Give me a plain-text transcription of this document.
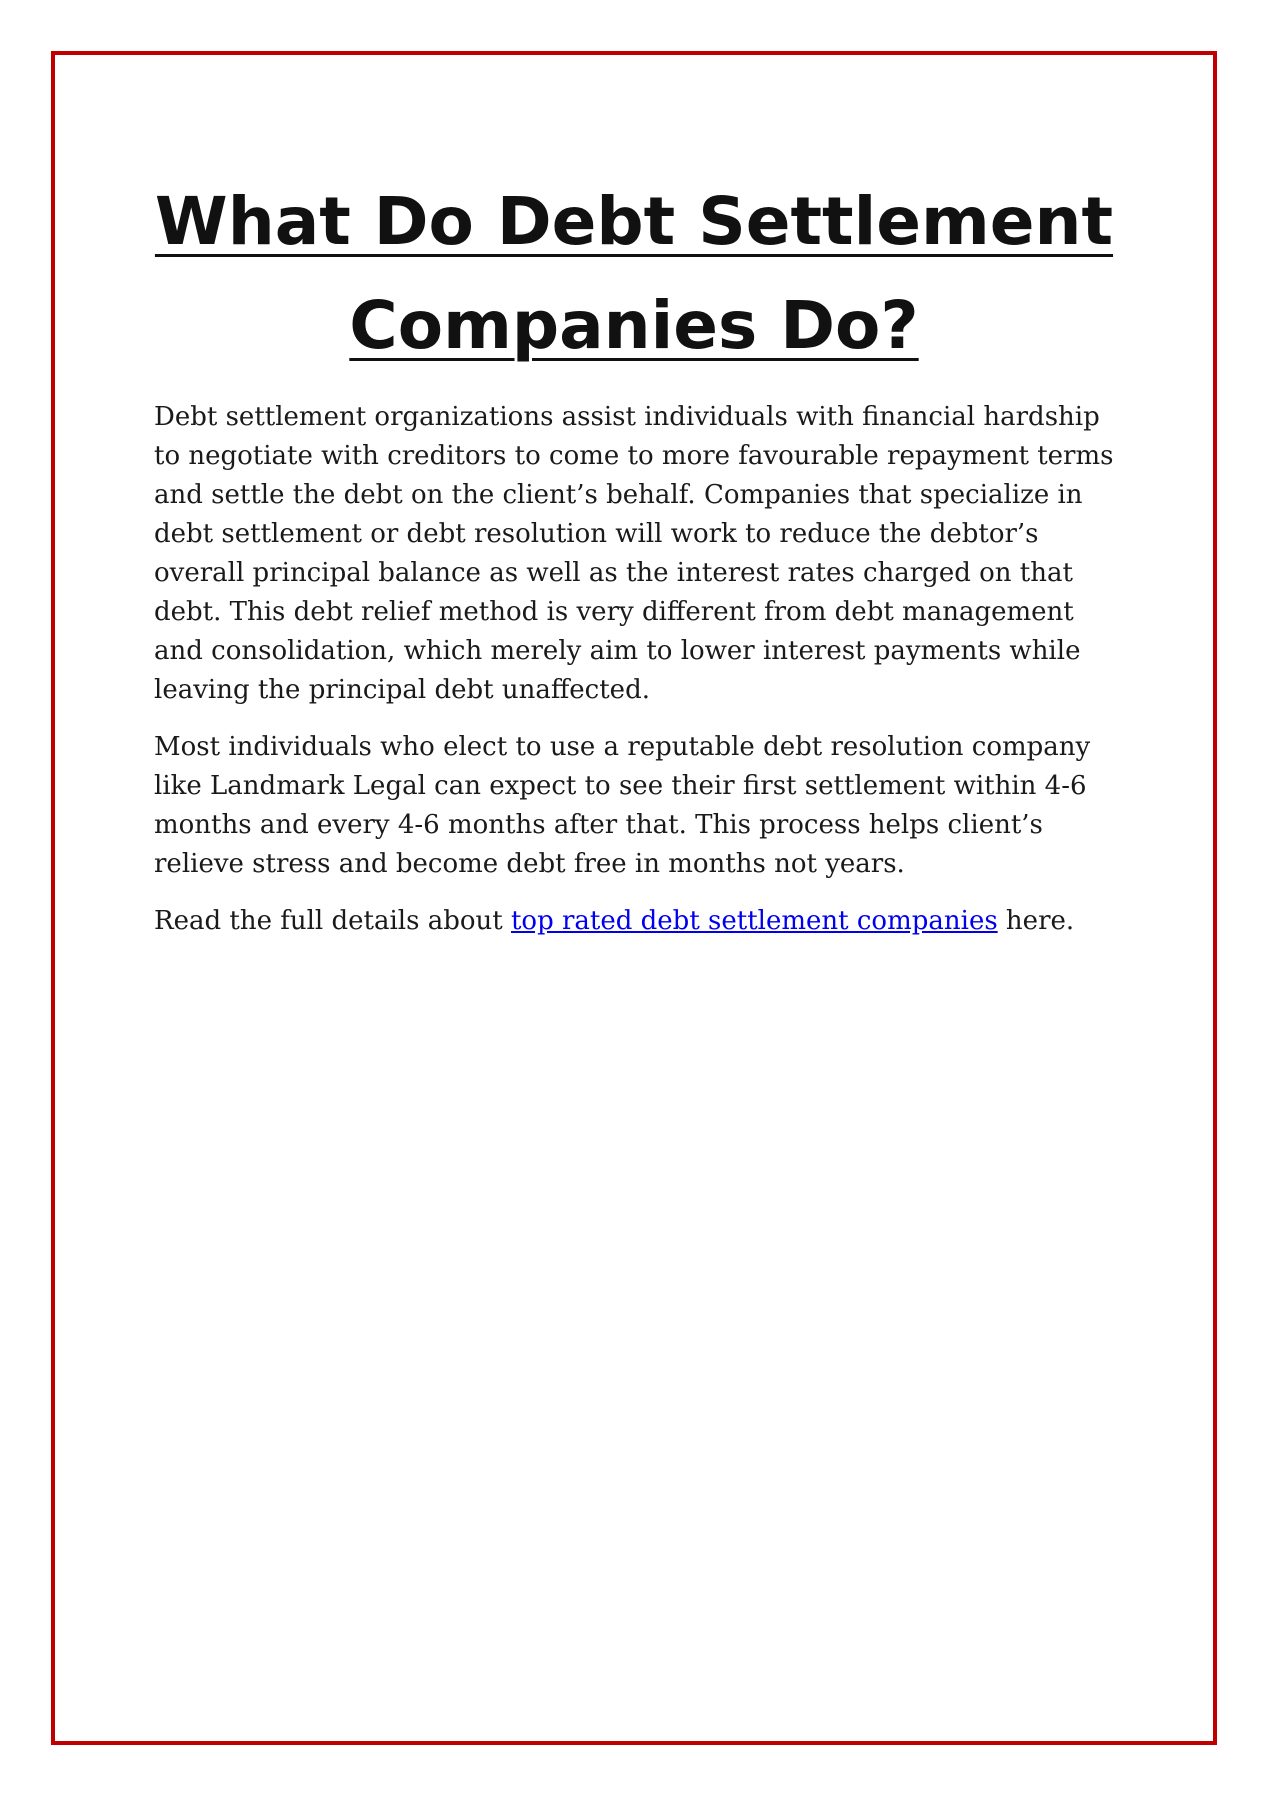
What Do Debt Settlement Companies Do?

Debt settlement organizations assist individuals with financial hardship to negotiate with creditors to come to more favourable repayment terms and settle the debt on the client’s behalf. Companies that specialize in debt settlement or debt resolution will work to reduce the debtor’s overall principal balance as well as the interest rates charged on that debt. This debt relief method is very different from debt management and consolidation, which merely aim to lower interest payments while leaving the principal debt unaffected.

Most individuals who elect to use a reputable debt resolution company like Landmark Legal can expect to see their first settlement within 4-6 months and every 4-6 months after that. This process helps client’s relieve stress and become debt free in months not years.

Read the full details about top rated debt settlement companies here.
